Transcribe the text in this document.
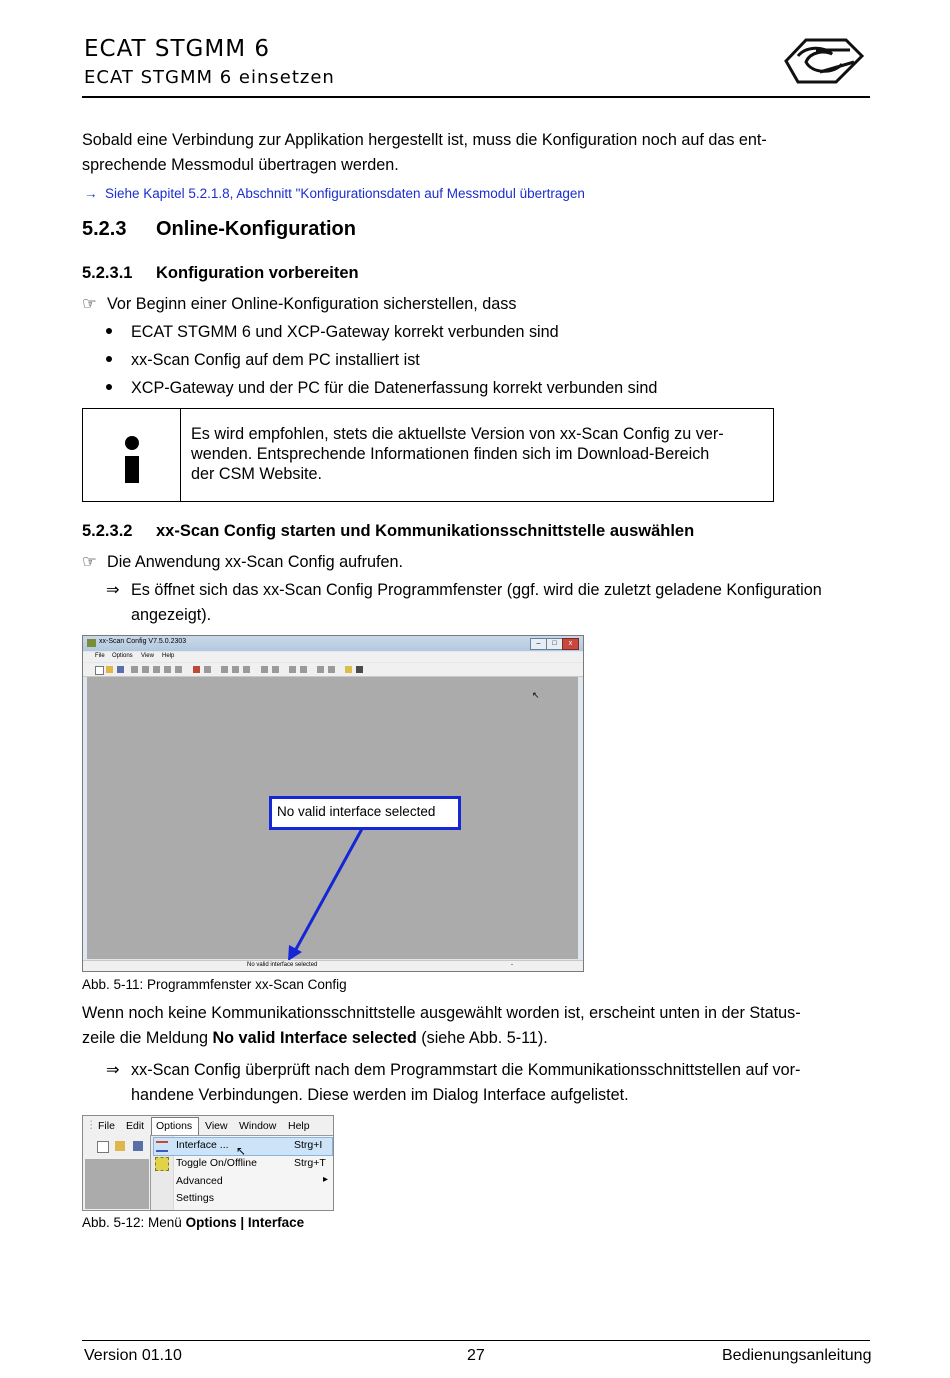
ECAT STGMM 6
ECAT STGMM 6 einsetzen
Sobald eine Verbindung zur Applikation hergestellt ist, muss die Konfiguration noch auf das ent-
sprechende Messmodul übertragen werden.
→ Siehe Kapitel 5.2.1.8, Abschnitt "Konfigurationsdaten auf Messmodul übertragen
5.2.3 Online-Konfiguration
5.2.3.1 Konfiguration vorbereiten
☞ Vor Beginn einer Online-Konfiguration sicherstellen, dass
ECAT STGMM 6 und XCP-Gateway korrekt verbunden sind
xx-Scan Config auf dem PC installiert ist
XCP-Gateway und der PC für die Datenerfassung korrekt verbunden sind
Es wird empfohlen, stets die aktuellste Version von xx-Scan Config zu ver-
wenden. Entsprechende Informationen finden sich im Download-Bereich
der CSM Website.
5.2.3.2 xx-Scan Config starten und Kommunikationsschnittstelle auswählen
☞ Die Anwendung xx-Scan Config aufrufen.
⇒ Es öffnet sich das xx-Scan Config Programmfenster (ggf. wird die zuletzt geladene Konfiguration
angezeigt).
xx-Scan Config V7.5.0.2303	–	□	x
File Options View Help
↖
No valid interface selected
No valid interface selected	-
Abb. 5-11: Programmfenster xx-Scan Config
Wenn noch keine Kommunikationsschnittstelle ausgewählt worden ist, erscheint unten in der Status-
zeile die Meldung No valid Interface selected (siehe Abb. 5-11).
⇒ xx-Scan Config überprüft nach dem Programmstart die Kommunikationsschnittstellen auf vor-
handene Verbindungen. Diese werden im Dialog Interface aufgelistet.
⋮ File Edit Options View Window Help
Interface ...	Strg+I
Toggle On/Offline	Strg+T
Advanced	▸
Settings
↖
Abb. 5-12: Menü Options | Interface
Version 01.10	27	Bedienungsanleitung
